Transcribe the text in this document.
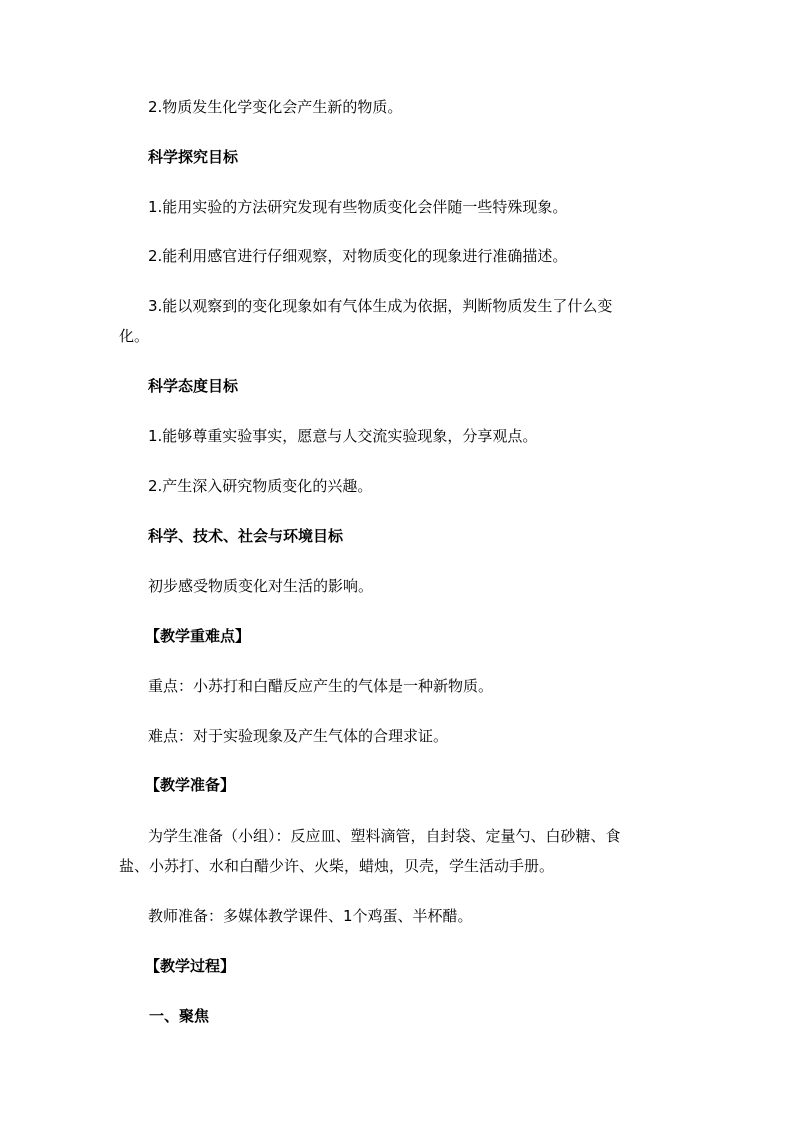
2.物质发生化学变化会产生新的物质。
科学探究目标
1.能用实验的方法研究发现有些物质变化会伴随一些特殊现象。
2.能利用感官进行仔细观察，对物质变化的现象进行准确描述。
3.能以观察到的变化现象如有气体生成为依据，判断物质发生了什么变
化。
科学态度目标
1.能够尊重实验事实，愿意与人交流实验现象，分享观点。
2.产生深入研究物质变化的兴趣。
科学、技术、社会与环境目标
初步感受物质变化对生活的影响。
【教学重难点】
重点：小苏打和白醋反应产生的气体是一种新物质。
难点：对于实验现象及产生气体的合理求证。
【教学准备】
为学生准备（小组）：反应皿、塑料滴管，自封袋、定量勺、白砂糖、食
盐、小苏打、水和白醋少许、火柴，蜡烛，贝壳，学生活动手册。
教师准备：多媒体教学课件、1个鸡蛋、半杯醋。
【教学过程】
一、聚焦
